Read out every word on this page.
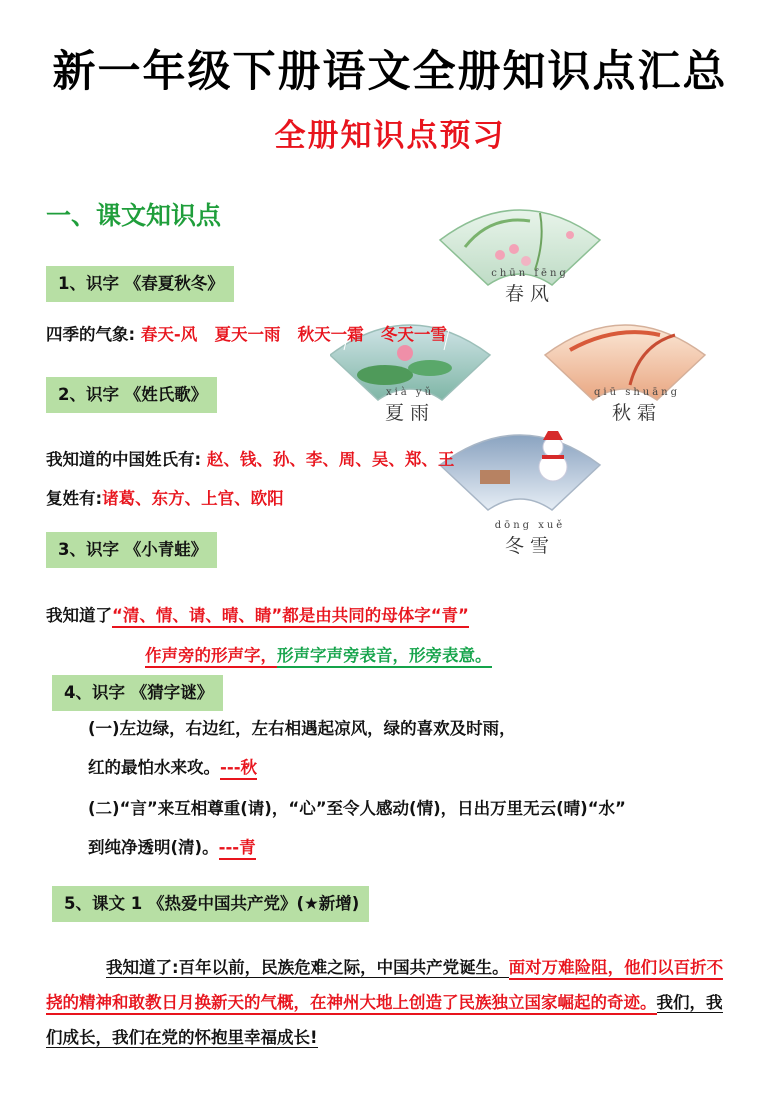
新一年级下册语文全册知识点汇总
全册知识点预习
一、课文知识点
chūn fēng
春风
xià yǔ
夏雨
qiū shuāng
秋霜
dōng xuě
冬雪
1、识字 《春夏秋冬》
四季的气象: 春天-风   夏天一雨   秋天一霜   冬天一雪
2、识字 《姓氏歌》
我知道的中国姓氏有: 赵、钱、孙、李、周、吴、郑、王
复姓有:诸葛、东方、上官、欧阳
3、识字 《小青蛙》
我知道了“清、情、请、晴、睛”都是由共同的母体字“青”
作声旁的形声字，形声字声旁表音，形旁表意。
4、识字 《猜字谜》
(一)左边绿，右边红，左右相遇起凉风，绿的喜欢及时雨，
红的最怕水来攻。---秋
(二)“言”来互相尊重(请)，“心”至令人感动(情)，日出万里无云(晴)“水”
到纯净透明(清)。---青
5、课文 1 《热爱中国共产党》(★新增)
我知道了:百年以前，民族危难之际，中国共产党诞生。面对万难险阻，他们以百折不挠的精神和敢教日月换新天的气概，在神州大地上创造了民族独立国家崛起的奇迹。我们，我们成长，我们在党的怀抱里幸福成长!
